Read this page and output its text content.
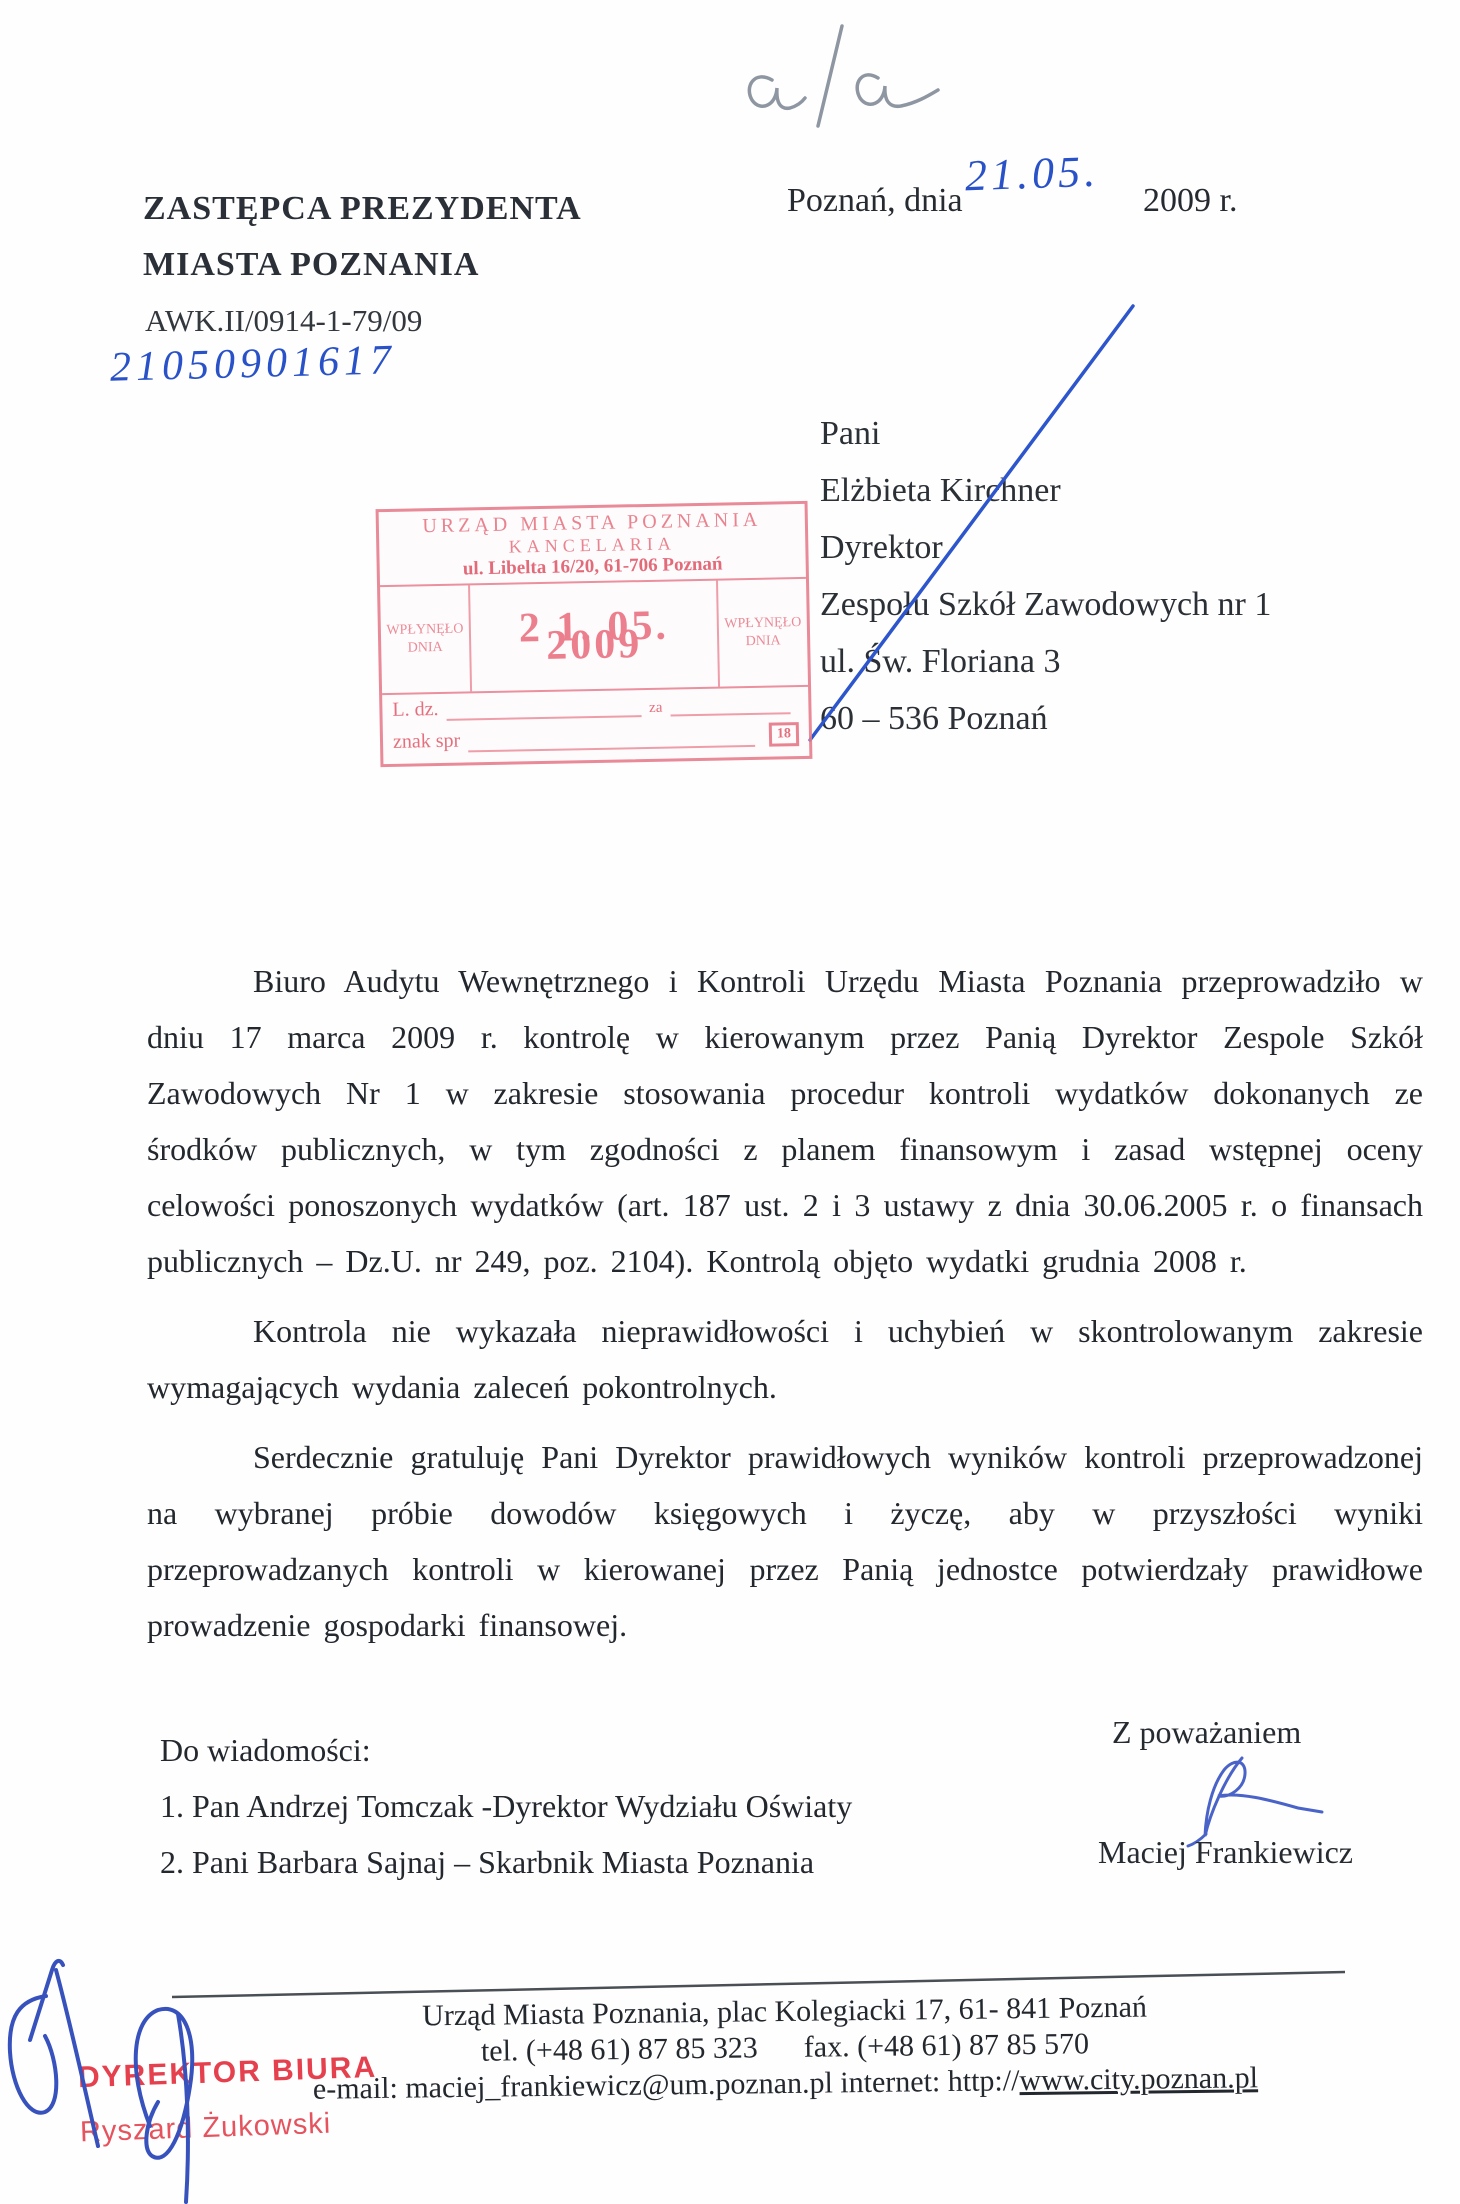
ZASTĘPCA PREZYDENTA
MIASTA POZNANIA
AWK.II/0914-1-79/09
21050901617
Poznań, dnia
21.05.
2009 r.
Pani
Elżbieta Kirchner
Dyrektor
Zespołu Szkół Zawodowych nr 1
ul. Św. Floriana 3
60 – 536 Poznań
URZĄD MIASTA POZNANIA
KANCELARIA
ul. Libelta 16/20, 61-706 Poznań
WPŁYNĘŁO DNIA	2 1. 05. 2009	WPŁYNĘŁO DNIA
L. dz.	za
znak spr	18

Biuro Audytu Wewnętrznego i Kontroli Urzędu Miasta Poznania przeprowadziło w dniu 17 marca 2009 r. kontrolę w kierowanym przez Panią Dyrektor Zespole Szkół Zawodowych Nr 1 w zakresie stosowania procedur kontroli wydatków dokonanych ze środków publicznych, w tym zgodności z planem finansowym i zasad wstępnej oceny celowości ponoszonych wydatków (art. 187 ust. 2 i 3 ustawy z dnia 30.06.2005 r. o finansach publicznych – Dz.U. nr 249, poz. 2104). Kontrolą objęto wydatki grudnia 2008 r.

Kontrola nie wykazała nieprawidłowości i uchybień w skontrolowanym zakresie wymagających wydania zaleceń pokontrolnych.

Serdecznie gratuluję Pani Dyrektor prawidłowych wyników kontroli przeprowadzonej na wybranej próbie dowodów księgowych i życzę, aby w przyszłości wyniki przeprowadzanych kontroli w kierowanej przez Panią jednostce potwierdzały prawidłowe prowadzenie gospodarki finansowej.

Do wiadomości:
1. Pan Andrzej Tomczak -Dyrektor Wydziału Oświaty
2. Pani Barbara Sajnaj – Skarbnik Miasta Poznania
Z poważaniem
Maciej Frankiewicz
Urząd Miasta Poznania, plac Kolegiacki 17, 61- 841 Poznań
tel. (+48 61) 87 85 323 fax. (+48 61) 87 85 570
e-mail: maciej_frankiewicz@um.poznan.pl internet: http://www.city.poznan.pl
DYREKTOR BIURA
Ryszard Żukowski
